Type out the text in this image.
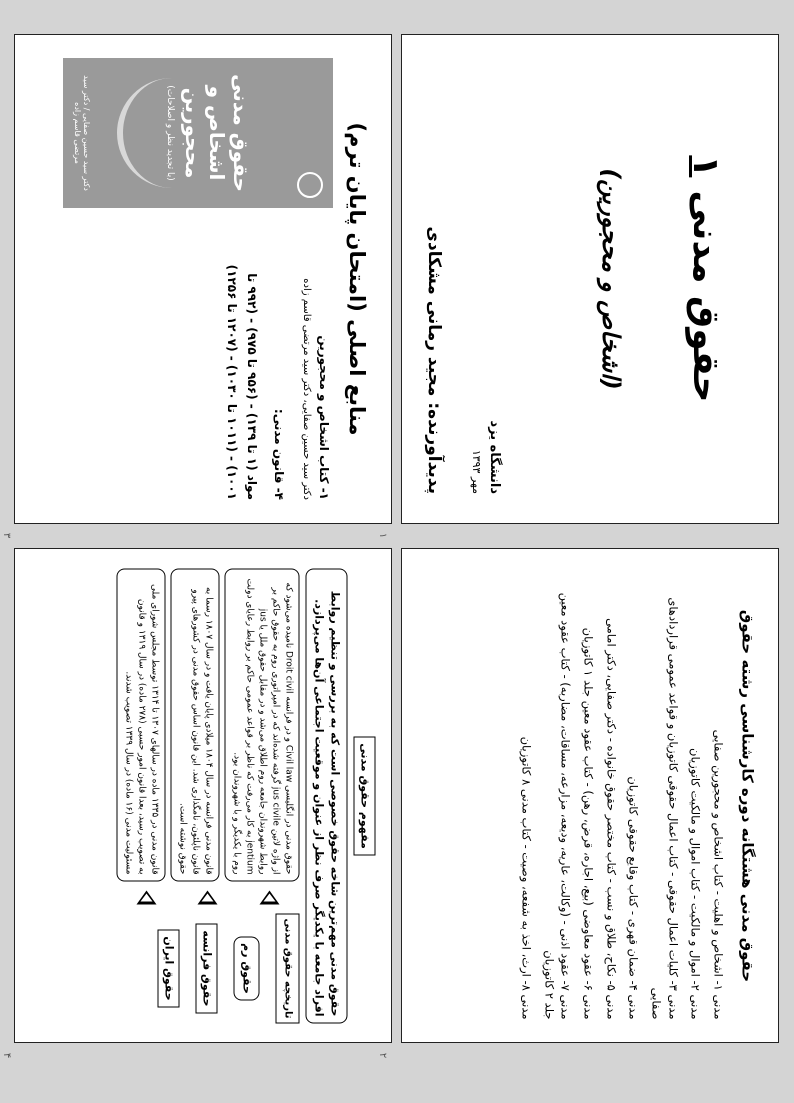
حقوق مدنی ۱
(اشخاص و محجورین)
دانشگاه یزد
مهر ۱۳۹۳
پدیدآورنده: مجید رمانی مشکادی
۱
حقوق مدنی هشتگانه دوره کارشناسی رشته حقوق
مدنی ۱- اشخاص و اهلیت - کتاب اشخاص و محجورین صفایی
مدنی ۲- اموال و مالکیت - کتاب اموال و مالکیت کاتوزیان
مدنی ۳- کلیات اعمال حقوقی - کتاب اعمال حقوقی کاتوزیان و قواعد عمومی قراردادهای صفایی
مدنی ۴- ضمان قهری - کتاب وقایع حقوقی کاتوزیان
مدنی ۵- نکاح، طلاق و نسب - کتاب مختصر حقوق خانواده - دکتر صفایی، دکتر امامی
مدنی ۶- عقود معاوضی (بیع، اجاره، قرض، رهن) - کتاب عقود معین جلد ۱ کاتوزیان
مدنی ۷- عقود اذنی - (وکالت، عاریه، ودیعه، مزارعه، مساقات، مضاربه) - کتاب عقود معین جلد ۲ کاتوزیان
مدنی ۸- ارث، اخذ به شفعه، وصیت - کتاب مدنی ۸ کاتوزیان
۲
منابع اصلی (امتحان پایان ترم)
۱- کتاب اشخاص و محجورین
دکتر سید حسین صفایی، دکتر سید مرتضی قاسم زاده
۴- قانون مدنی:
مواد (۱ تا ۱۳۹) - (۹۵۶ تا ۹۷۵) - (۹۹۲ تا
۱۰۰۱) - (۱۰۱۱ تا ۱۰۳۰) - (۱۲۰۷ تا ۱۲۵۶)
حقوق مدنی اشخاص و محجورین
(با تجدید نظر و اصلاحات)
دکتر سید حسین صفایی / دکتر سید مرتضی قاسم زاده
۳
مفهوم حقوق مدنی
حقوق مدنی مهم‌ترین شاخه حقوق خصوصی است که به بررسی و تنظیم روابط افراد جامعه با یکدیگر صرف نظر از عنوان و موقعیت اجتماعی آن‌ها می‌پردازد.
تاریخچه حقوق مدنی
حقوق رم
حقوق فرانسه
حقوق ایران
حقوق مدنی در انگلیسی Civil law و در فرانسه Droit civil نامیده می‌شود که از واژه لاتین jus civile گرفته شده‌اند که در امپراتوری روم به حقوق حاکم بر روابط شهروندان جامعه روم اطلاق می‌شد و در مقابل حقوق ملل یا jus jentium به کار می‌رفت که ناظر بر قواعد عمومی حاکم بر روابط رعایای دولت روم با یکدیگر و با شهروندان بود.
قانون مدنی فرانسه در سال ۱۸۰۴ میلادی پایان یافت و در سال ۱۸۰۷ رسما به قانون ناپلئون، نامگذاری شد. این قانون اساس حقوق مدنی در کشورهای پیرو حقوق نوشته است.
قانون مدنی در ۱۳۳۵ ماده در سالهای ۱۳۰۷ تا ۱۳۱۴ توسط مجلس شورای ملی به تصویب رسید، بعدا قانون امور حسبی (۲۷۸ ماده) در سال ۱۳۱۹ و قانون مسئولیت مدنی (۱۶ ماده) در سال ۱۳۳۹ تصویب شدند.
۴
